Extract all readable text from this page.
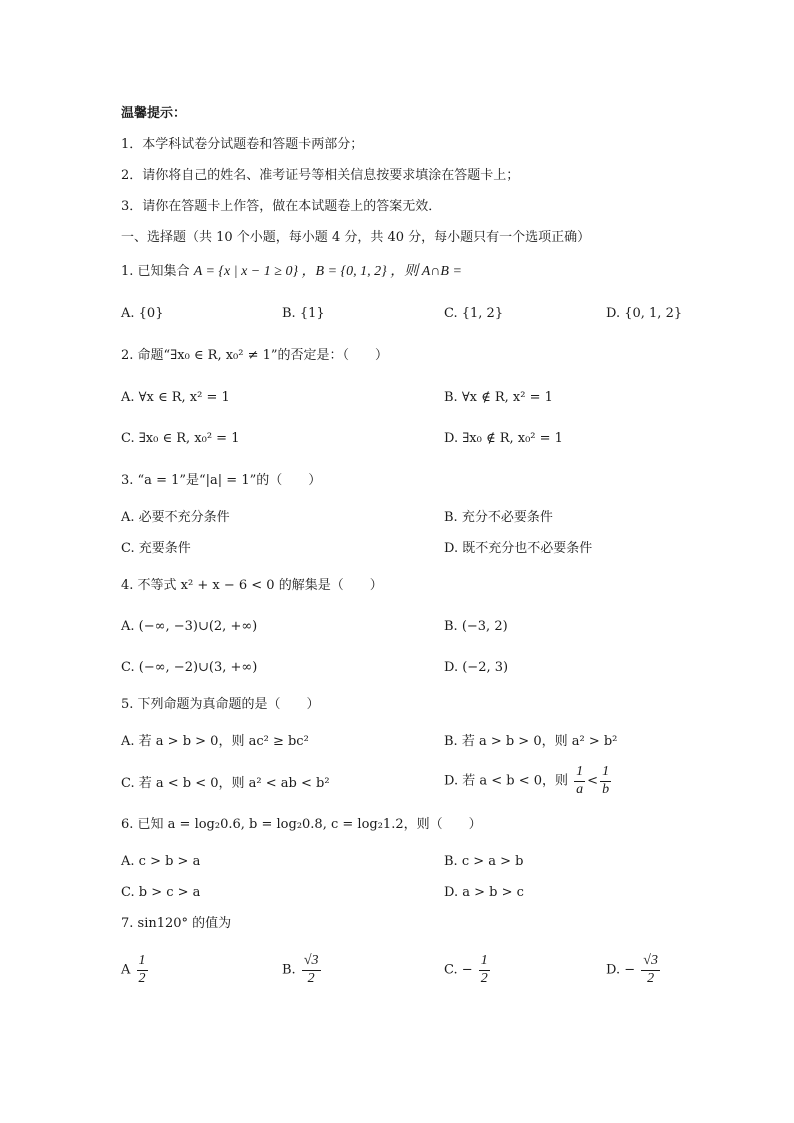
温馨提示：
1．本学科试卷分试题卷和答题卡两部分；
2．请你将自己的姓名、准考证号等相关信息按要求填涂在答题卡上；
3．请你在答题卡上作答，做在本试题卷上的答案无效．
一、选择题（共 10 个小题，每小题 4 分，共 40 分，每小题只有一个选项正确）
1. 已知集合 A = {x | x − 1 ≥ 0} ，B = {0, 1, 2} ，则 A∩B =
A. {0}	B. {1}	C. {1, 2}	D. {0, 1, 2}
2. 命题“∃x₀ ∈ R, x₀² ≠ 1”的否定是：（　　）
A. ∀x ∈ R, x² = 1	B. ∀x ∉ R, x² = 1
C. ∃x₀ ∈ R, x₀² = 1	D. ∃x₀ ∉ R, x₀² = 1
3. “a = 1”是“|a| = 1”的（　　）
A. 必要不充分条件	B. 充分不必要条件
C. 充要条件	D. 既不充分也不必要条件
4. 不等式 x² + x − 6 < 0 的解集是（　　）
A. (−∞, −3)∪(2, +∞)	B. (−3, 2)
C. (−∞, −2)∪(3, +∞)	D. (−2, 3)
5. 下列命题为真命题的是（　　）
A. 若 a > b > 0，则 ac² ≥ bc²	B. 若 a > b > 0，则 a² > b²
C. 若 a < b < 0，则 a² < ab < b²	D. 若 a < b < 0，则 $\frac{1}{a} < \frac{1}{b}$
6. 已知 a = log₂0.6, b = log₂0.8, c = log₂1.2，则（　　）
A. c > b > a	B. c > a > b
C. b > c > a	D. a > b > c
7. sin120° 的值为
A $\frac{1}{2}$	B. $\frac{√3}{2}$	C. − $\frac{1}{2}$	D. − $\frac{√3}{2}$
